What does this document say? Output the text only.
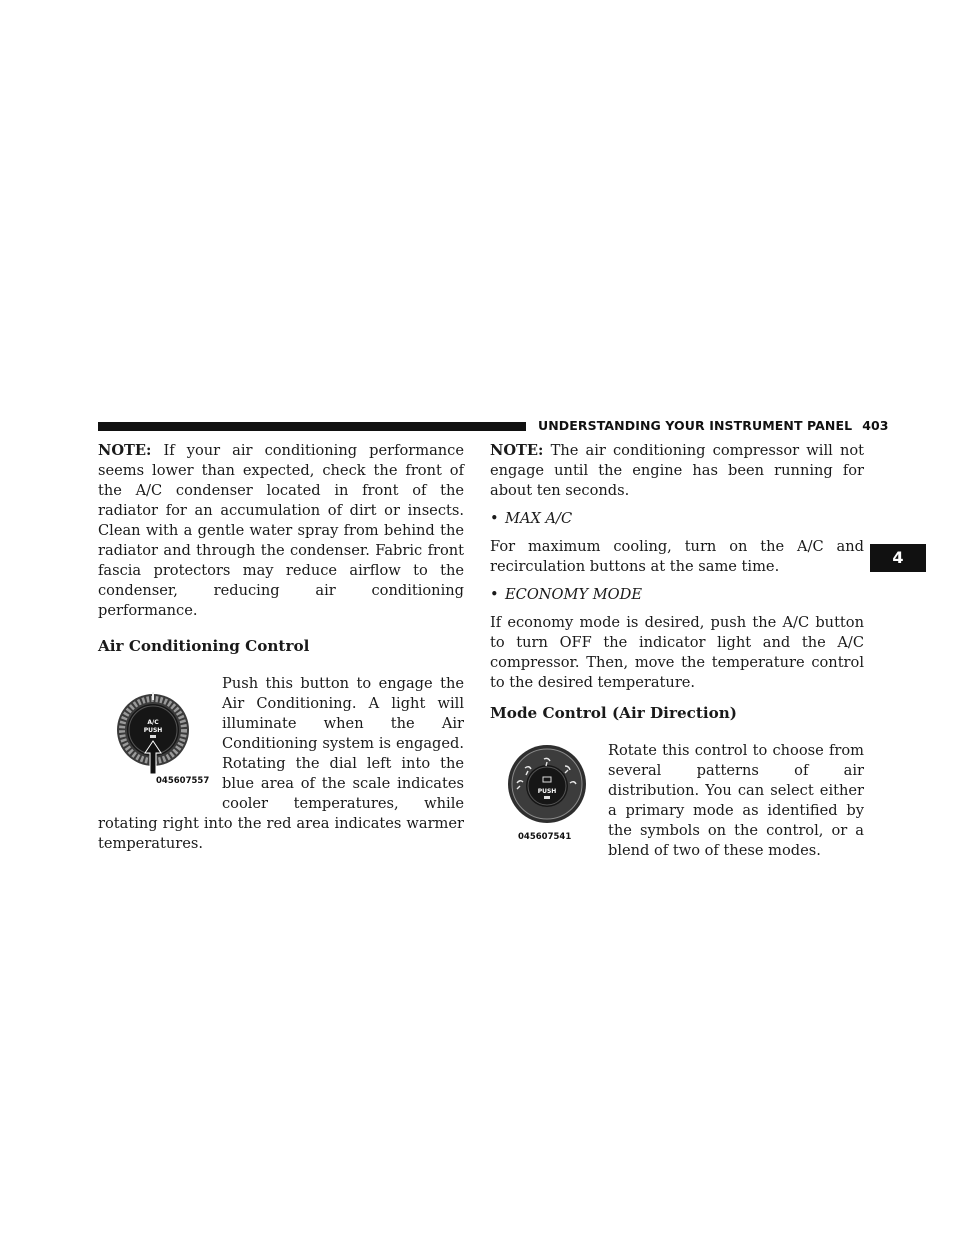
UNDERSTANDING YOUR INSTRUMENT PANEL 403
4

NOTE: If your air conditioning performance seems lower than expected, check the front of the A/C condenser located in front of the radiator for an accumulation of dirt or insects. Clean with a gentle water spray from behind the radiator and through the condenser. Fabric front fascia protectors may reduce airflow to the condenser, reducing air conditioning performance.

Air Conditioning Control
A/C
PUSH
045607557

Push this button to engage the Air Conditioning. A light will illuminate when the Air Conditioning system is engaged. Rotating the dial left into the blue area of the scale indicates cooler temperatures, while rotating right into the red area indicates warmer temperatures.

NOTE: The air conditioning compressor will not engage until the engine has been running for about ten seconds.

• MAX A/C

For maximum cooling, turn on the A/C and recirculation buttons at the same time.

• ECONOMY MODE

If economy mode is desired, push the A/C button to turn OFF the indicator light and the A/C compressor. Then, move the temperature control to the desired temperature.

Mode Control (Air Direction)
PUSH
045607541

Rotate this control to choose from several patterns of air distribution. You can select either a primary mode as identified by the symbols on the control, or a blend of two of these modes.
